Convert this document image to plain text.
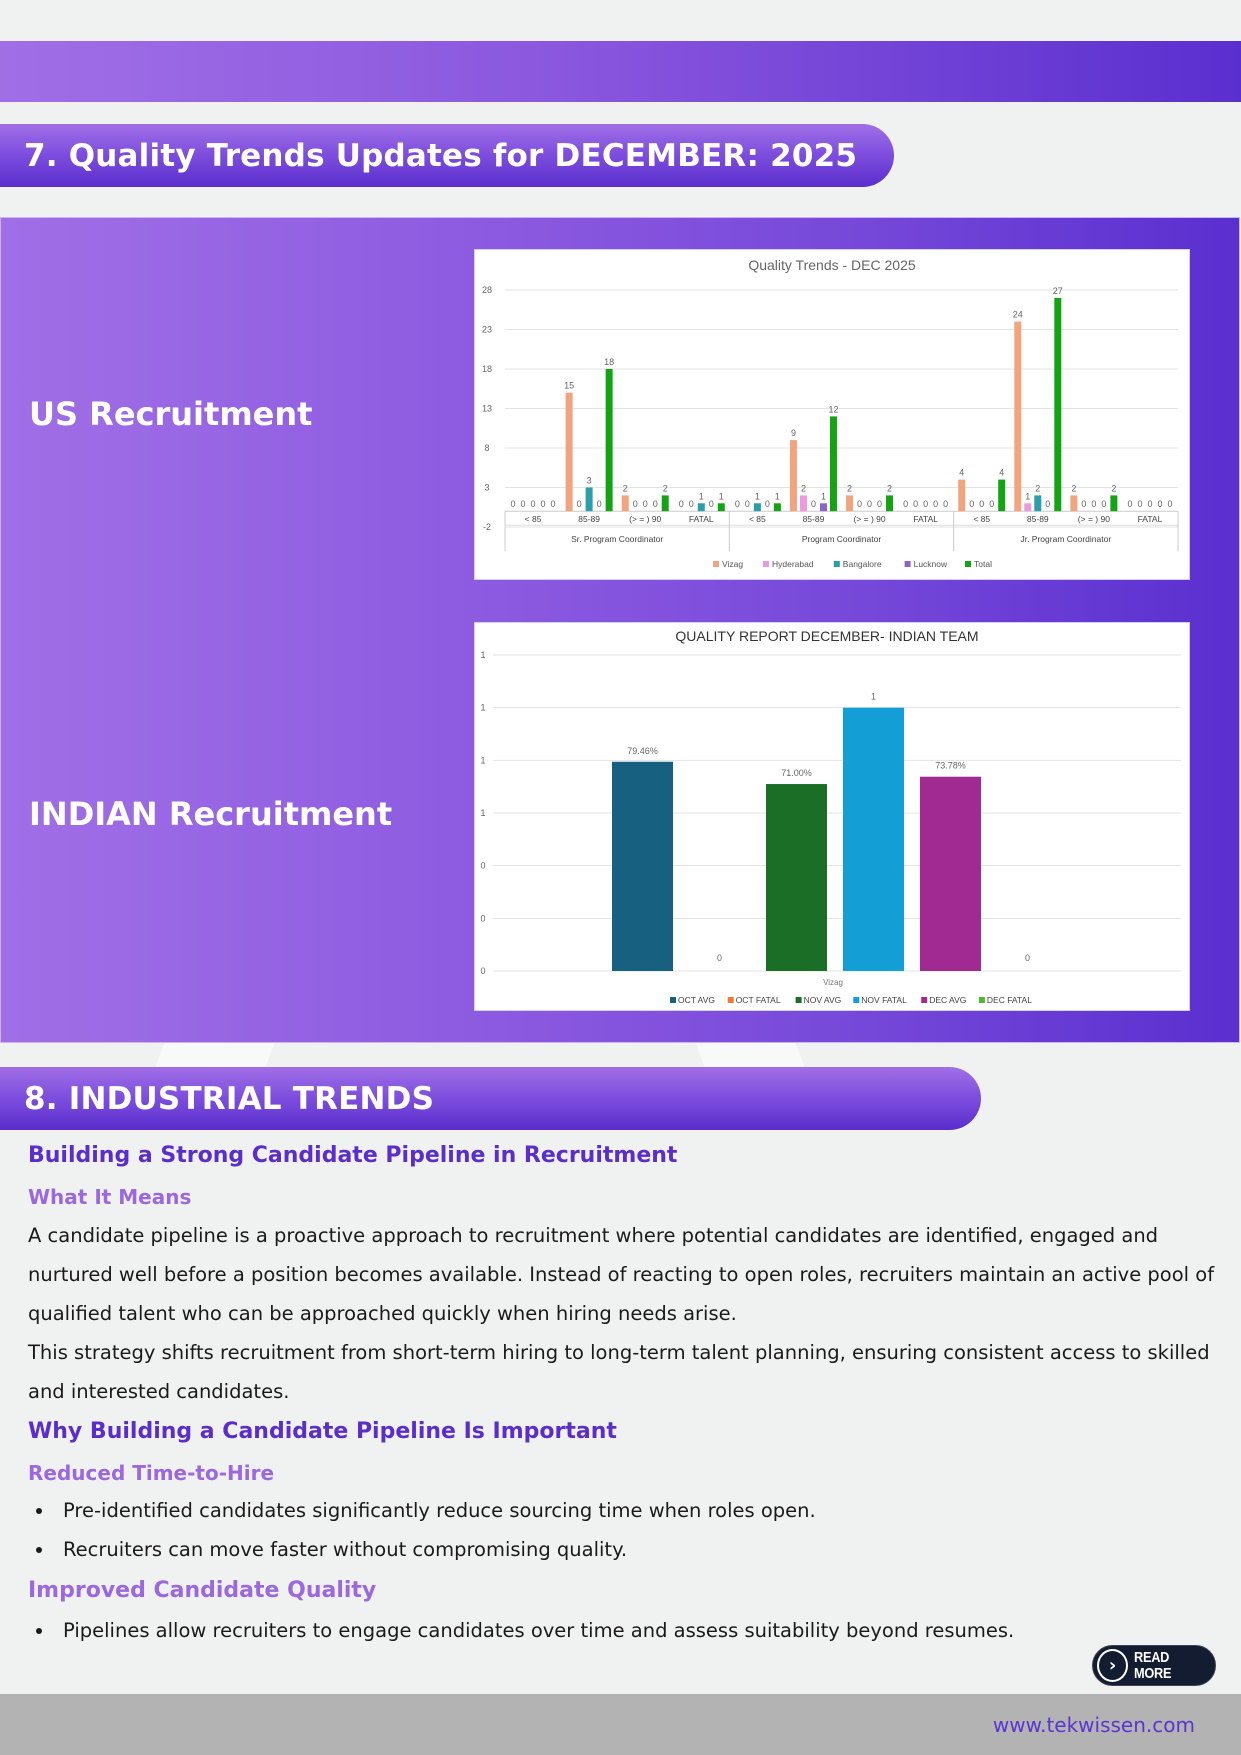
7. Quality Trends Updates for DECEMBER: 2025
US Recruitment
INDIAN Recruitment
Quality Trends - DEC 2025
-2
3
8
13
18
23
28
0 0 0 0 0
< 85
15
0
3
0
18
85-89
2
0 0 0
2
(> = ) 90
0 0
1
0
1
FATAL
0 0
1
0
1
< 85
9
2
0
1
12
85-89
2
0 0 0
2
(> = ) 90
0 0 0 0 0
FATAL
4
0 0 0
4
< 85
24
1
2
0
27
85-89
2
0 0 0
2
(> = ) 90
0 0 0 0 0
FATAL
Sr. Program Coordinator	Program Coordinator	Jr. Program Coordinator
Vizag	Hyderabad	Bangalore	Lucknow	Total
QUALITY REPORT DECEMBER- INDIAN TEAM
0
0
0
1
1
1
1
79.46%
0
71.00%
1
73.78%
0
Vizag
OCT AVG OCT FATAL	NOV AVG NOV FATAL	DEC AVG DEC FATAL
8. INDUSTRIAL TRENDS
Building a Strong Candidate Pipeline in Recruitment
What It Means
A candidate pipeline is a proactive approach to recruitment where potential candidates are identified, engaged and nurtured well before a position becomes available. Instead of reacting to open roles, recruiters maintain an active pool of qualified talent who can be approached quickly when hiring needs arise.
This strategy shifts recruitment from short-term hiring to long-term talent planning, ensuring consistent access to skilled and interested candidates.
Why Building a Candidate Pipeline Is Important
Reduced Time-to-Hire
Pre-identified candidates significantly reduce sourcing time when roles open.
Recruiters can move faster without compromising quality.
Improved Candidate Quality
Pipelines allow recruiters to engage candidates over time and assess suitability beyond resumes.
›	READ MORE
www.tekwissen.com
